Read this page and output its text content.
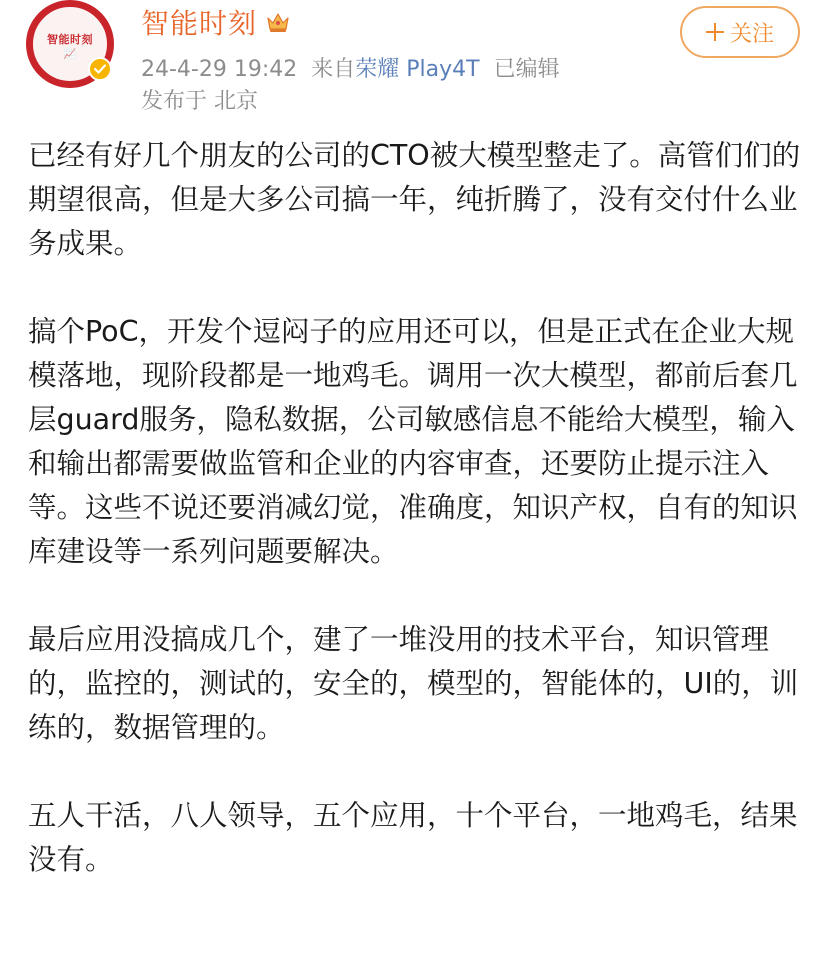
智能时刻
📈
智能时刻
24-4-29 19:42 来自荣耀 Play4T 已编辑
发布于 北京
关注

已经有好几个朋友的公司的CTO被大模型整走了。高管们们的期望很高，但是大多公司搞一年，纯折腾了，没有交付什么业务成果。

搞个PoC，开发个逗闷子的应用还可以，但是正式在企业大规模落地，现阶段都是一地鸡毛。调用一次大模型，都前后套几层guard服务，隐私数据，公司敏感信息不能给大模型，输入和输出都需要做监管和企业的内容审查，还要防止提示注入等。这些不说还要消减幻觉，准确度，知识产权，自有的知识库建设等一系列问题要解决。

最后应用没搞成几个，建了一堆没用的技术平台，知识管理的，监控的，测试的，安全的，模型的，智能体的，UI的，训练的，数据管理的。

五人干活，八人领导，五个应用，十个平台，一地鸡毛，结果没有。
